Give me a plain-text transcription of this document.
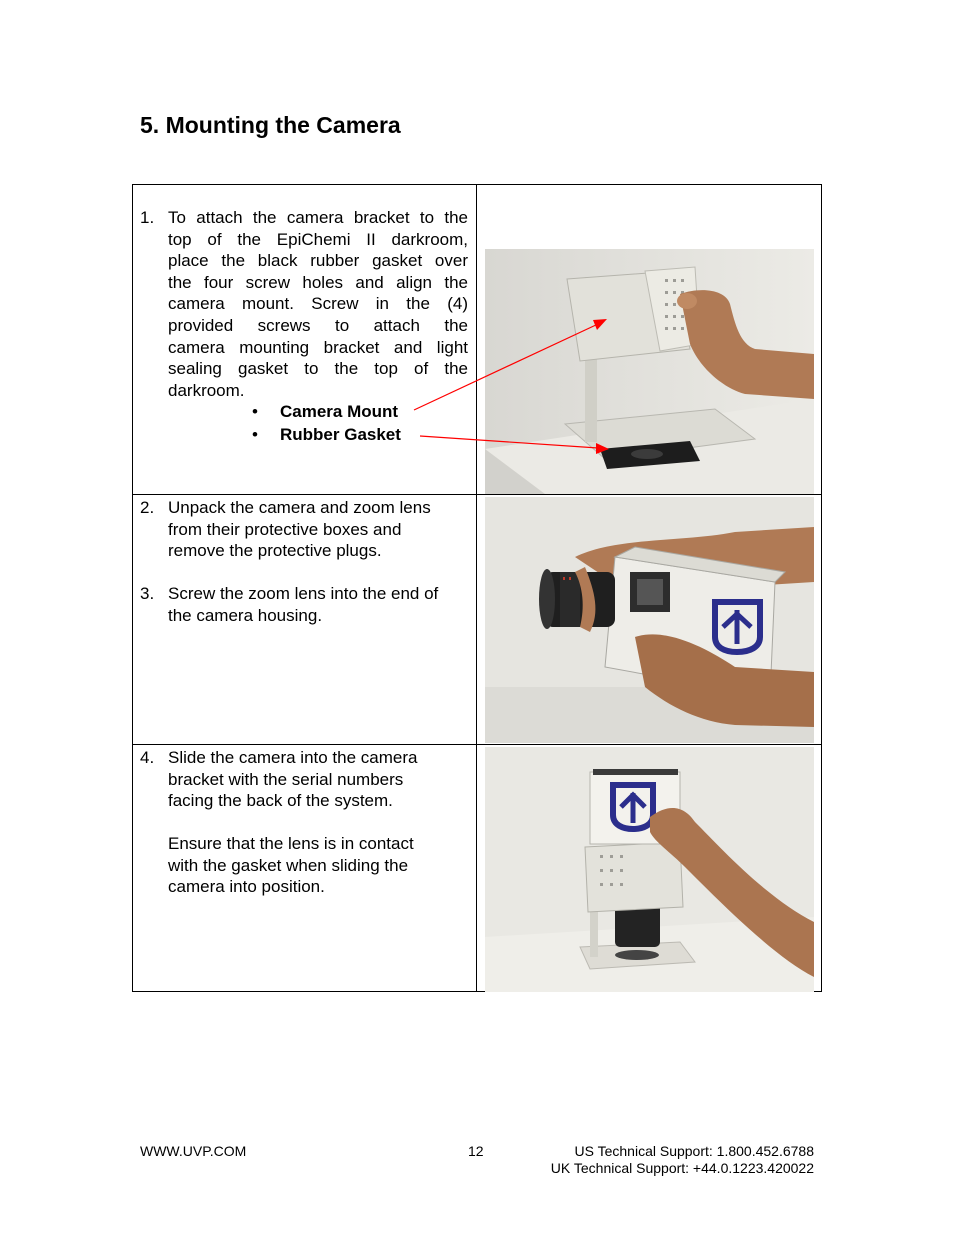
5. Mounting the Camera
1. To attach the camera bracket to the
top of the EpiChemi II darkroom,
place the black rubber gasket over
the four screw holes and align the
camera mount. Screw in the (4)
provided screws to attach the
camera mounting bracket and light
sealing gasket to the top of the
darkroom.
• Camera Mount
• Rubber Gasket
2. Unpack the camera and zoom lens
from their protective boxes and
remove the protective plugs.
3. Screw the zoom lens into the end of
the camera housing.
4. Slide the camera into the camera
bracket with the serial numbers
facing the back of the system.
Ensure that the lens is in contact
with the gasket when sliding the
camera into position.
WWW.UVP.COM	12	US Technical Support: 1.800.452.6788
UK Technical Support: +44.0.1223.420022
